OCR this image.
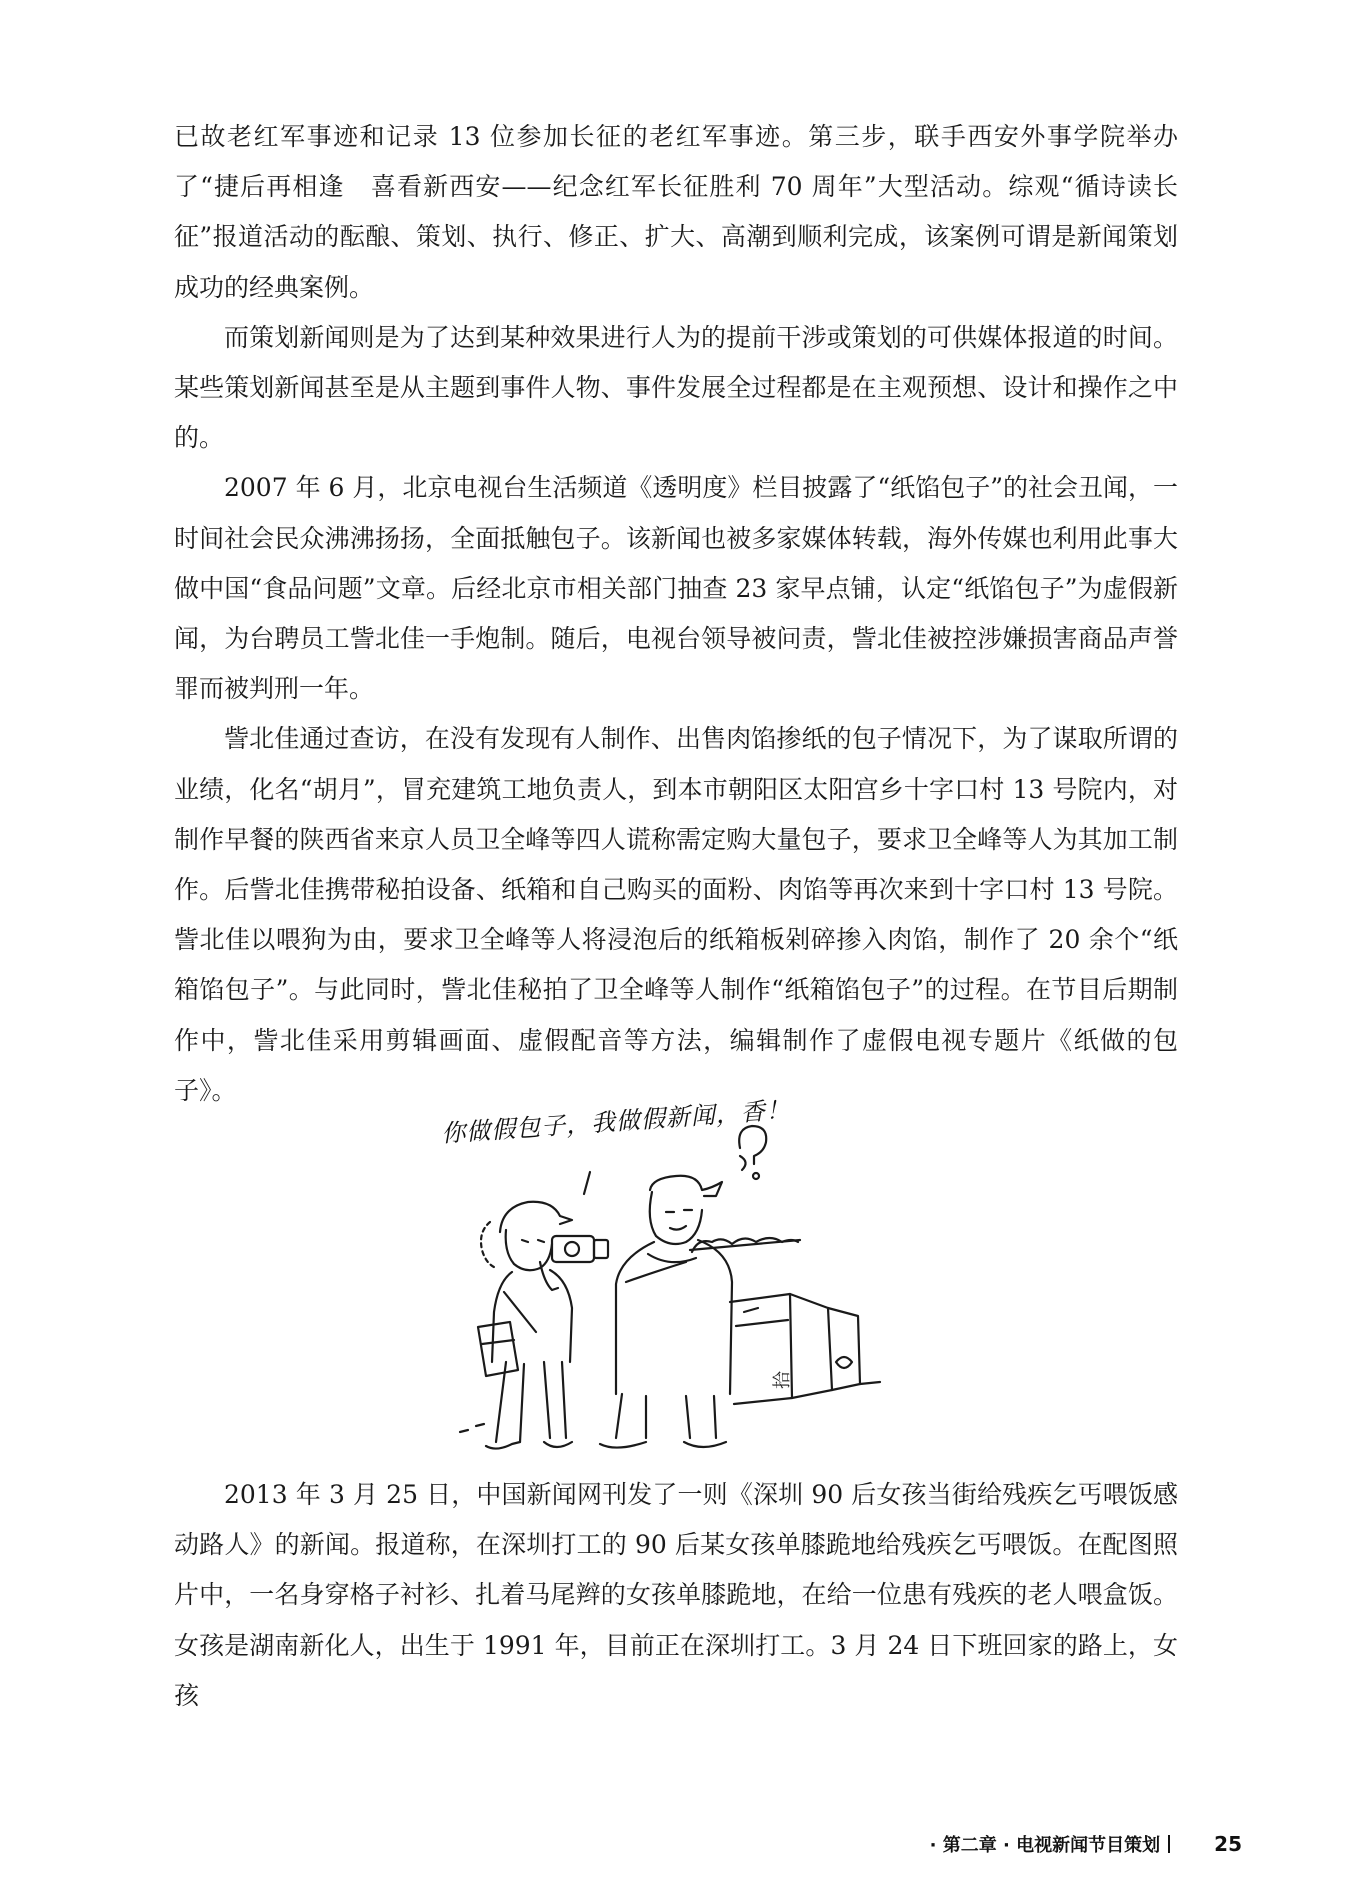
已故老红军事迹和记录 13 位参加长征的老红军事迹。第三步，联手西安外事学院举办了“捷后再相逢　喜看新西安——纪念红军长征胜利 70 周年”大型活动。综观“循诗读长征”报道活动的酝酿、策划、执行、修正、扩大、高潮到顺利完成，该案例可谓是新闻策划成功的经典案例。

而策划新闻则是为了达到某种效果进行人为的提前干涉或策划的可供媒体报道的时间。某些策划新闻甚至是从主题到事件人物、事件发展全过程都是在主观预想、设计和操作之中的。

2007 年 6 月，北京电视台生活频道《透明度》栏目披露了“纸馅包子”的社会丑闻，一时间社会民众沸沸扬扬，全面抵触包子。该新闻也被多家媒体转载，海外传媒也利用此事大做中国“食品问题”文章。后经北京市相关部门抽查 23 家早点铺，认定“纸馅包子”为虚假新闻，为台聘员工訾北佳一手炮制。随后，电视台领导被问责，訾北佳被控涉嫌损害商品声誉罪而被判刑一年。

訾北佳通过查访，在没有发现有人制作、出售肉馅掺纸的包子情况下，为了谋取所谓的业绩，化名“胡月”，冒充建筑工地负责人，到本市朝阳区太阳宫乡十字口村 13 号院内，对制作早餐的陕西省来京人员卫全峰等四人谎称需定购大量包子，要求卫全峰等人为其加工制作。后訾北佳携带秘拍设备、纸箱和自己购买的面粉、肉馅等再次来到十字口村 13 号院。訾北佳以喂狗为由，要求卫全峰等人将浸泡后的纸箱板剁碎掺入肉馅，制作了 20 余个“纸箱馅包子”。与此同时，訾北佳秘拍了卫全峰等人制作“纸箱馅包子”的过程。在节目后期制作中，訾北佳采用剪辑画面、虚假配音等方法，编辑制作了虚假电视专题片《纸做的包子》。

你做假包子，我做假新闻，香！
拾

2013 年 3 月 25 日，中国新闻网刊发了一则《深圳 90 后女孩当街给残疾乞丐喂饭感动路人》的新闻。报道称，在深圳打工的 90 后某女孩单膝跪地给残疾乞丐喂饭。在配图照片中，一名身穿格子衬衫、扎着马尾辫的女孩单膝跪地，在给一位患有残疾的老人喂盒饭。女孩是湖南新化人，出生于 1991 年，目前正在深圳打工。3 月 24 日下班回家的路上，女孩

· 第二章 · 电视新闻节目策划	25
